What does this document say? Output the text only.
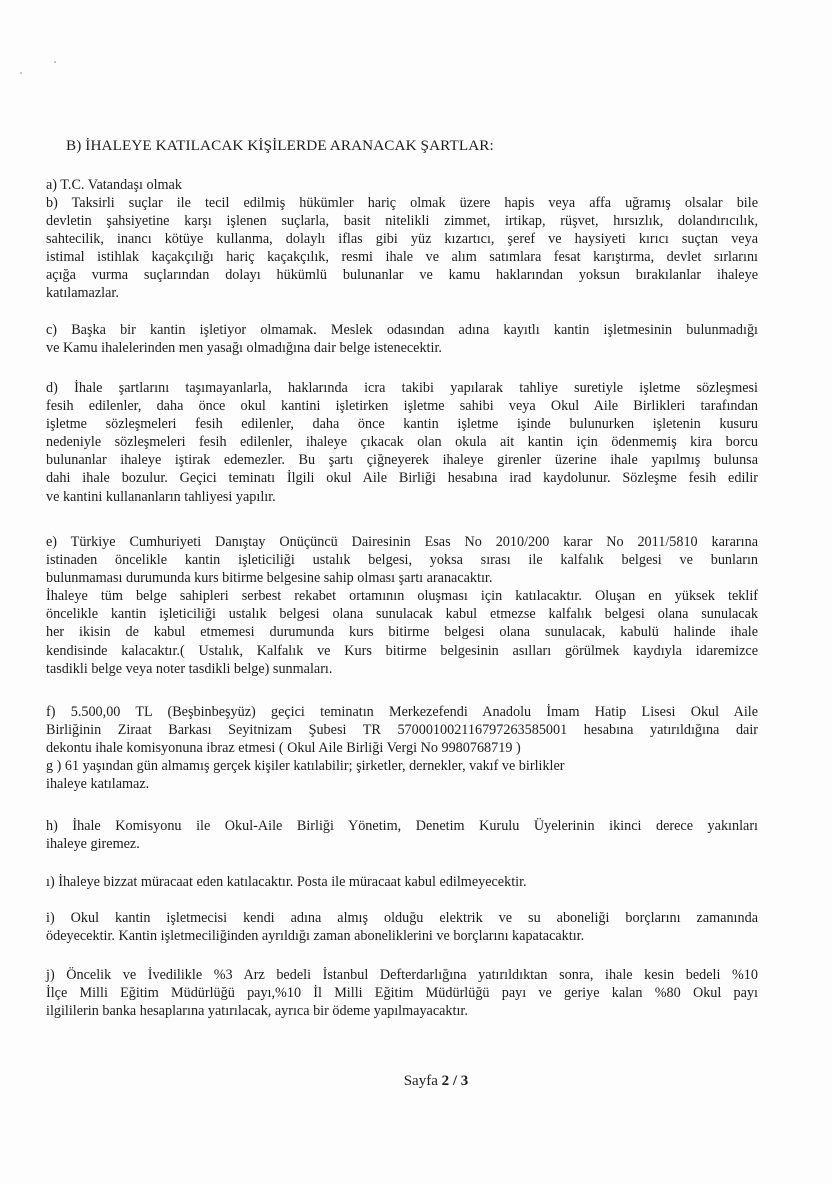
B) İHALEYE KATILACAK KİŞİLERDE ARANACAK ŞARTLAR:
a) T.C. Vatandaşı olmak
b) Taksirli suçlar ile tecil edilmiş hükümler hariç olmak üzere hapis veya affa uğramış olsalar bile
devletin şahsiyetine karşı işlenen suçlarla, basit nitelikli zimmet, irtikap, rüşvet, hırsızlık, dolandırıcılık,
sahtecilik, inancı kötüye kullanma, dolaylı iflas gibi yüz kızartıcı, şeref ve haysiyeti kırıcı suçtan veya
istimal istihlak kaçakçılığı hariç kaçakçılık, resmi ihale ve alım satımlara fesat karıştırma, devlet sırlarını
açığa vurma suçlarından dolayı hükümlü bulunanlar ve kamu haklarından yoksun bırakılanlar ihaleye
katılamazlar.
c) Başka bir kantin işletiyor olmamak. Meslek odasından adına kayıtlı kantin işletmesinin bulunmadığı
ve Kamu ihalelerinden men yasağı olmadığına dair belge istenecektir.
d) İhale şartlarını taşımayanlarla, haklarında icra takibi yapılarak tahliye suretiyle işletme sözleşmesi
fesih edilenler, daha önce okul kantini işletirken işletme sahibi veya Okul Aile Birlikleri tarafından
işletme sözleşmeleri fesih edilenler, daha önce kantin işletme işinde bulunurken işletenin kusuru
nedeniyle sözleşmeleri fesih edilenler, ihaleye çıkacak olan okula ait kantin için ödenmemiş kira borcu
bulunanlar ihaleye iştirak edemezler. Bu şartı çiğneyerek ihaleye girenler üzerine ihale yapılmış bulunsa
dahi ihale bozulur. Geçici teminatı İlgili okul Aile Birliği hesabına irad kaydolunur. Sözleşme fesih edilir
ve kantini kullananların tahliyesi yapılır.
e) Türkiye Cumhuriyeti Danıştay Onüçüncü Dairesinin Esas No 2010/200 karar No 2011/5810 kararına
istinaden öncelikle kantin işleticiliği ustalık belgesi, yoksa sırası ile kalfalık belgesi ve bunların
bulunmaması durumunda kurs bitirme belgesine sahip olması şartı aranacaktır.
İhaleye tüm belge sahipleri serbest rekabet ortamının oluşması için katılacaktır. Oluşan en yüksek teklif
öncelikle kantin işleticiliği ustalık belgesi olana sunulacak kabul etmezse kalfalık belgesi olana sunulacak
her ikisin de kabul etmemesi durumunda kurs bitirme belgesi olana sunulacak, kabulü halinde ihale
kendisinde kalacaktır.( Ustalık, Kalfalık ve Kurs bitirme belgesinin asılları görülmek kaydıyla idaremizce
tasdikli belge veya noter tasdikli belge) sunmaları.
f) 5.500,00 TL (Beşbinbeşyüz) geçici teminatın Merkezefendi Anadolu İmam Hatip Lisesi Okul Aile
Birliğinin Ziraat Barkası Seyitnizam Şubesi TR 570001002116797263585001 hesabına yatırıldığına dair
dekontu ihale komisyonuna ibraz etmesi ( Okul Aile Birliği Vergi No 9980768719 )
g ) 61 yaşından gün almamış gerçek kişiler katılabilir; şirketler, dernekler, vakıf ve birlikler
ihaleye katılamaz.
h) İhale Komisyonu ile Okul-Aile Birliği Yönetim, Denetim Kurulu Üyelerinin ikinci derece yakınları
ihaleye giremez.
ı) İhaleye bizzat müracaat eden katılacaktır. Posta ile müracaat kabul edilmeyecektir.
i) Okul kantin işletmecisi kendi adına almış olduğu elektrik ve su aboneliği borçlarını zamanında
ödeyecektir. Kantin işletmeciliğinden ayrıldığı zaman aboneliklerini ve borçlarını kapatacaktır.
j) Öncelik ve İvedilikle %3 Arz bedeli İstanbul Defterdarlığına yatırıldıktan sonra, ihale kesin bedeli %10
İlçe Milli Eğitim Müdürlüğü payı,%10 İl Milli Eğitim Müdürlüğü payı ve geriye kalan %80 Okul payı
ilgililerin banka hesaplarına yatırılacak, ayrıca bir ödeme yapılmayacaktır.
Sayfa 2 / 3
